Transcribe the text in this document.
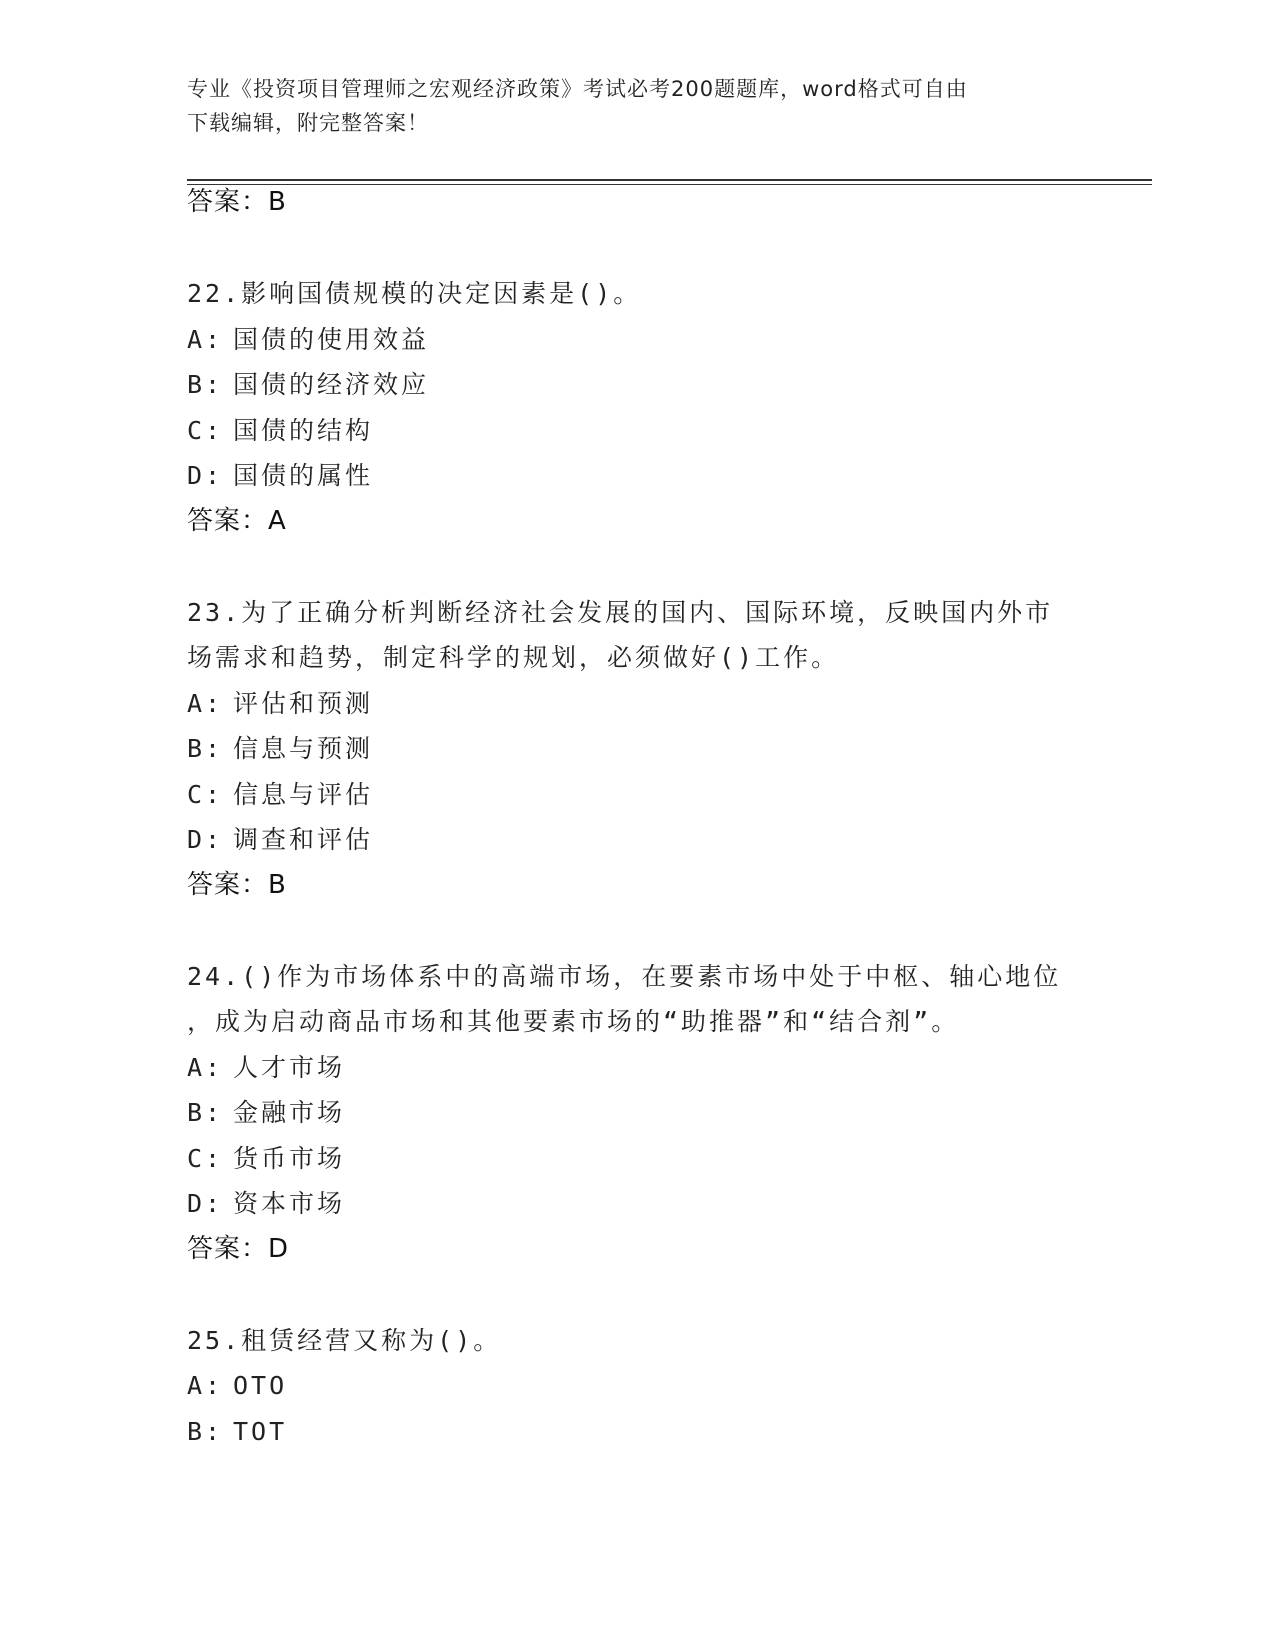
专业《投资项目管理师之宏观经济政策》考试必考200题题库，word格式可自由
下载编辑，附完整答案！
答案：B
22.影响国债规模的决定因素是()。
A: 国债的使用效益
B: 国债的经济效应
C: 国债的结构
D: 国债的属性
答案：A
23.为了正确分析判断经济社会发展的国内、国际环境，反映国内外市
场需求和趋势，制定科学的规划，必须做好()工作。
A: 评估和预测
B: 信息与预测
C: 信息与评估
D: 调查和评估
答案：B
24.()作为市场体系中的高端市场，在要素市场中处于中枢、轴心地位
，成为启动商品市场和其他要素市场的“助推器”和“结合剂”。
A: 人才市场
B: 金融市场
C: 货币市场
D: 资本市场
答案：D
25.租赁经营又称为()。
A: OTO
B: TOT
